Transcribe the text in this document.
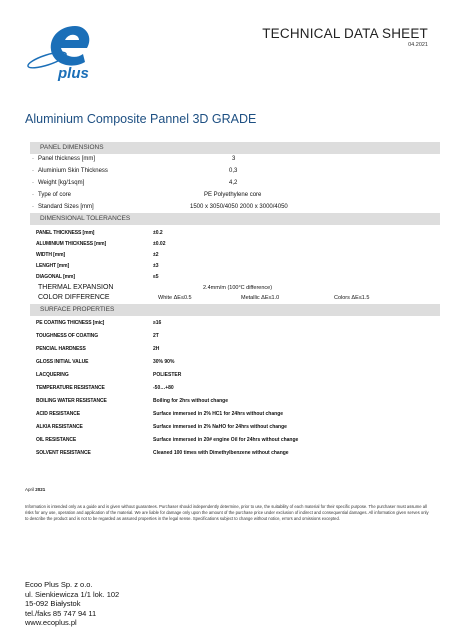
plus
TECHNICAL DATA SHEET
04.2021
Aluminium Composite Pannel 3D GRADE
PANEL DIMENSIONS
· Panel thickness [mm]	3
· Aluminium Skin Thickness	0,3
· Weight [kg/1sqm]	4,2
· Type of core	PE Polyethylene core
· Standard Sizes [mm]	1500 x 3050/4050 2000 x 3000/4050
DIMENSIONAL TOLERANCES
PANEL THICKNESS [mm]	±0.2
ALUMINIUM THICKNESS [mm]	±0.02
WIDTH [mm]	±2
LENGHT [mm]	±3
DIAGONAL [mm]	≤5
THERMAL EXPANSION	2.4mm/m (100°C difference)
COLOR DIFFERENCE	White ΔE≤0.5	Metallic ΔE≤1.0	Colors ΔE≤1.5
SURFACE PROPERTIES
PE COATING THICNESS [mic]	≥16
TOUGHNESS OF COATING	2T
PENCIAL HARDNESS	2H
GLOSS INITIAL VALUE	30% 90%
LACQUERING	POLIESTER
TEMPERATURE RESISTANCE	-50…+80
BOILING WATER RESISTANCE	Boiling for 2hrs without change
ACID RESISTANCE	Surface immersed in 2% HC1 for 24hrs without change
ALKIA RESISTANCE	Surface immersed in 2% NaHO for 24hrs without change
OIL RESISTANCE	Surface immersed in 20# engine Oil for 24hrs without change
SOLVENT RESISTANCE	Cleaned 100 times with Dimethylbenzene without change
April 2021
Information is intended only as a guide and is given without guarantees. Purchaser should independently determine, prior to use, the suitability of each material for their specific purpose. The purchaser must assume all risks for any use, operation and application of the material. We are liable for damage only upon the amount of the purchase price under exclusion of indirect and consequential damages. All information given serves only to describe the product and is not to be regarded as assured properties in the legal sense. Specifications subject to change without notice, errors and omissions excepted.
Ecoo Plus Sp. z o.o.
ul. Sienkiewicza 1/1 lok. 102
15-092 Białystok
tel./faks 85 747 94 11
www.ecoplus.pl
